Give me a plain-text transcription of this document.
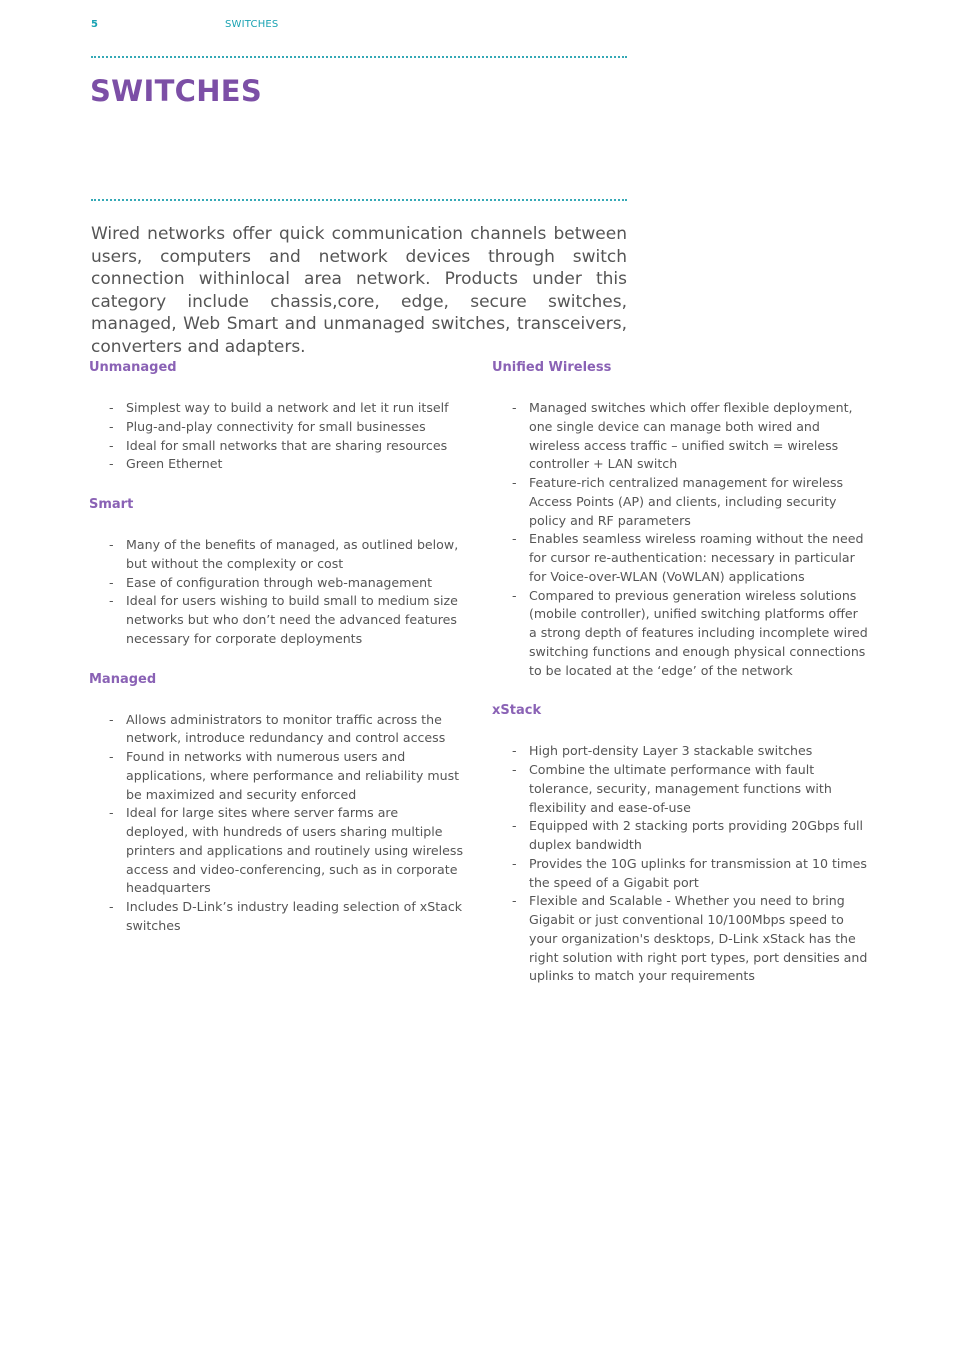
5	SWITCHES
SWITCHES

Wired networks offer quick communication channels between users, computers and network devices through switch connection withinlocal area network. Products under this category include chassis,core, edge, secure switches, managed, Web Smart and unmanaged switches, transceivers, converters and adapters.

Unmanaged
- Simplest way to build a network and let it run itself
- Plug-and-play connectivity for small businesses
- Ideal for small networks that are sharing resources
- Green Ethernet
Smart
- Many of the benefits of managed, as outlined below, but without the complexity or cost
- Ease of configuration through web-management
- Ideal for users wishing to build small to medium size networks but who don’t need the advanced features necessary for corporate deployments
Managed
- Allows administrators to monitor traffic across the network, introduce redundancy and control access
- Found in networks with numerous users and applications, where performance and reliability must be maximized and security enforced
- Ideal for large sites where server farms are deployed, with hundreds of users sharing multiple printers and applications and routinely using wireless access and video-conferencing, such as in corporate headquarters
- Includes D-Link’s industry leading selection of xStack switches
Unified Wireless
- Managed switches which offer flexible deployment, one single device can manage both wired and wireless access traffic – unified switch = wireless controller + LAN switch
- Feature-rich centralized management for wireless Access Points (AP) and clients, including security policy and RF parameters
- Enables seamless wireless roaming without the need for cursor re-authentication: necessary in particular for Voice-over-WLAN (VoWLAN) applications
- Compared to previous generation wireless solutions (mobile controller), unified switching platforms offer a strong depth of features including incomplete wired switching functions and enough physical connections to be located at the ‘edge’ of the network
xStack
- High port-density Layer 3 stackable switches
- Combine the ultimate performance with fault tolerance, security, management functions with flexibility and ease-of-use
- Equipped with 2 stacking ports providing 20Gbps full duplex bandwidth
- Provides the 10G uplinks for transmission at 10 times the speed of a Gigabit port
- Flexible and Scalable - Whether you need to bring Gigabit or just conventional 10/100Mbps speed to your organization's desktops, D-Link xStack has the right solution with right port types, port densities and uplinks to match your requirements
